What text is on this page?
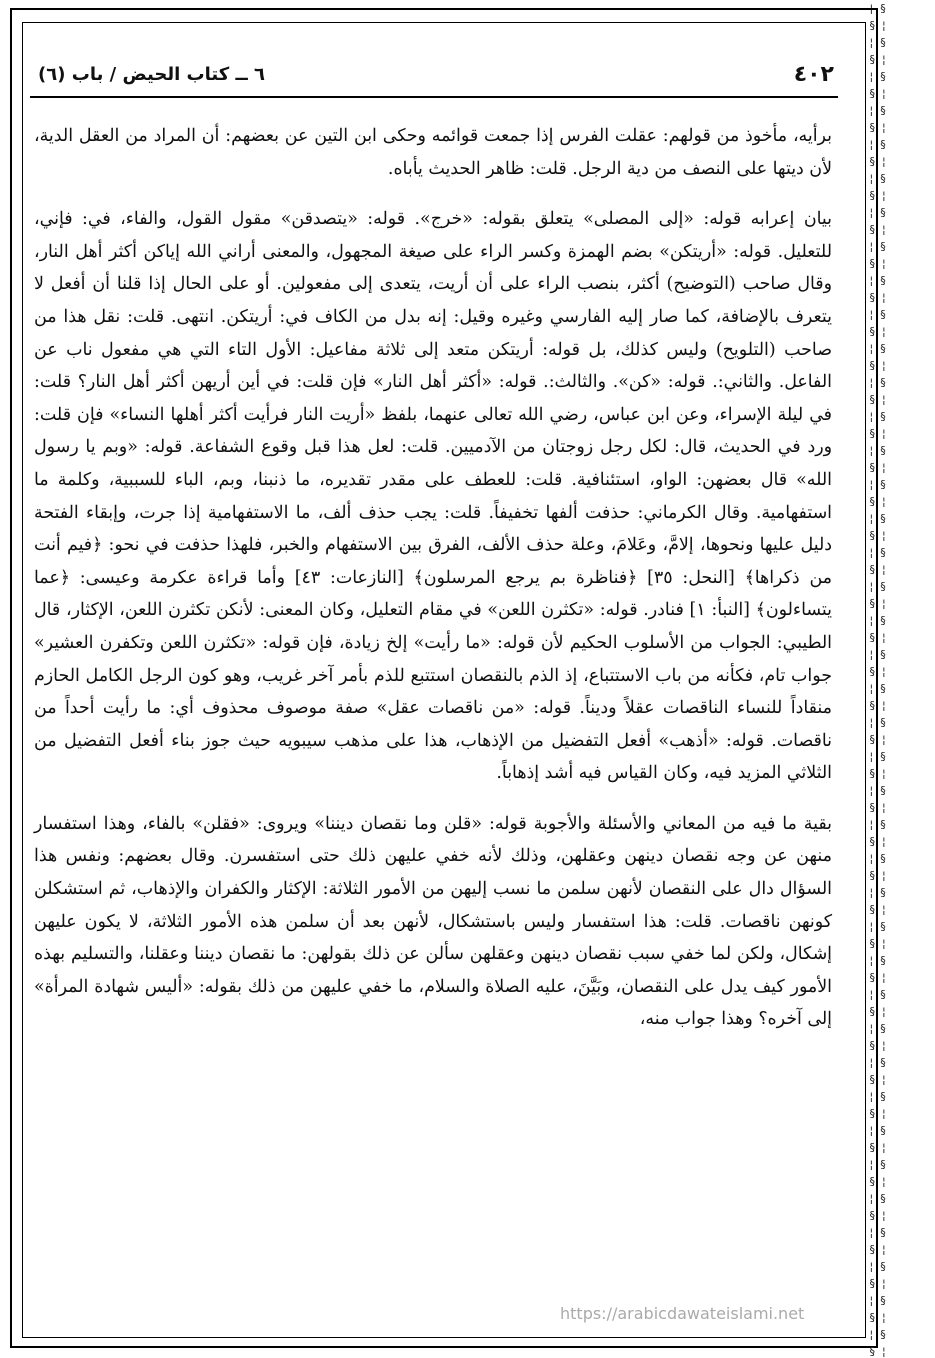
¦  §
§  ¦
¦  §
§  ¦
¦  §
§  ¦
¦  §
§  ¦
¦  §
§  ¦
¦  §
§  ¦
¦  §
§  ¦
¦  §
§  ¦
¦  §
§  ¦
¦  §
§  ¦
¦  §
§  ¦
¦  §
§  ¦
¦  §
§  ¦
¦  §
§  ¦
¦  §
§  ¦
¦  §
§  ¦
¦  §
§  ¦
¦  §
§  ¦
¦  §
§  ¦
¦  §
§  ¦
¦  §
§  ¦
¦  §
§  ¦
¦  §
§  ¦
¦  §
§  ¦
¦  §
§  ¦
¦  §
§  ¦
¦  §
§  ¦
¦  §
§  ¦
¦  §
§  ¦
¦  §
§  ¦
¦  §
§  ¦
¦  §
§  ¦
¦  §
§  ¦
¦  §
§  ¦
¦  §
§  ¦
¦  §
§  ¦
¦  §
§  ¦
¦  §
§  ¦
¦  §
§  ¦
¦  §
§  ¦

٤٠٢
٦ ــ كتاب الحيض / باب (٦)

برأيه، مأخوذ من قولهم: عقلت الفرس إذا جمعت قوائمه وحكى ابن التين عن بعضهم: أن المراد من العقل الدية، لأن ديتها على النصف من دية الرجل. قلت: ظاهر الحديث يأباه.

بيان إعرابه قوله: «إلى المصلى» يتعلق بقوله: «خرج». قوله: «يتصدقن» مقول القول، والفاء، في: فإني، للتعليل. قوله: «أريتكن» بضم الهمزة وكسر الراء على صيغة المجهول، والمعنى أراني الله إياكن أكثر أهل النار، وقال صاحب (التوضيح) أكثر، بنصب الراء على أن أريت، يتعدى إلى مفعولين. أو على الحال إذا قلنا أن أفعل لا يتعرف بالإضافة، كما صار إليه الفارسي وغيره وقيل: إنه بدل من الكاف في: أريتكن. انتهى. قلت: نقل هذا من صاحب (التلويح) وليس كذلك، بل قوله: أريتكن متعد إلى ثلاثة مفاعيل: الأول التاء التي هي مفعول ناب عن الفاعل. والثاني:. قوله: «كن». والثالث:. قوله: «أكثر أهل النار» فإن قلت: في أين أريهن أكثر أهل النار؟ قلت: في ليلة الإسراء، وعن ابن عباس، رضي الله تعالى عنهما، بلفظ «أريت النار فرأيت أكثر أهلها النساء» فإن قلت: ورد في الحديث، قال: لكل رجل زوجتان من الآدميين. قلت: لعل هذا قبل وقوع الشفاعة. قوله: «وبم يا رسول الله» قال بعضهن: الواو، استئنافية. قلت: للعطف على مقدر تقديره، ما ذنبنا، وبم، الباء للسببية، وكلمة ما استفهامية. وقال الكرماني: حذفت ألفها تخفيفاً. قلت: يجب حذف ألف، ما الاستفهامية إذا جرت، وإبقاء الفتحة دليل عليها ونحوها، إلامَّ، وعَلامَ، وعلة حذف الألف، الفرق بين الاستفهام والخبر، فلهذا حذفت في نحو: ﴿فيم أنت من ذكراها﴾ [النحل: ٣٥] ﴿فناظرة بم يرجع المرسلون﴾ [النازعات: ٤٣] وأما قراءة عكرمة وعيسى: ﴿عما يتساءلون﴾ [النبأ: ١] فنادر. قوله: «تكثرن اللعن» في مقام التعليل، وكان المعنى: لأنكن تكثرن اللعن، الإكثار، قال الطيبي: الجواب من الأسلوب الحكيم لأن قوله: «ما رأيت» إلخ زيادة، فإن قوله: «تكثرن اللعن وتكفرن العشير» جواب تام، فكأنه من باب الاستتباع، إذ الذم بالنقصان استتبع للذم بأمر آخر غريب، وهو كون الرجل الكامل الحازم منقاداً للنساء الناقصات عقلاً وديناً. قوله: «من ناقصات عقل» صفة موصوف محذوف أي: ما رأيت أحداً من ناقصات. قوله: «أذهب» أفعل التفضيل من الإذهاب، هذا على مذهب سيبويه حيث جوز بناء أفعل التفضيل من الثلاثي المزيد فيه، وكان القياس فيه أشد إذهاباً.

بقية ما فيه من المعاني والأسئلة والأجوبة قوله: «قلن وما نقصان ديننا» ويروى: «فقلن» بالفاء، وهذا استفسار منهن عن وجه نقصان دينهن وعقلهن، وذلك لأنه خفي عليهن ذلك حتى استفسرن. وقال بعضهم: ونفس هذا السؤال دال على النقصان لأنهن سلمن ما نسب إليهن من الأمور الثلاثة: الإكثار والكفران والإذهاب، ثم استشكلن كونهن ناقصات. قلت: هذا استفسار وليس باستشكال، لأنهن بعد أن سلمن هذه الأمور الثلاثة، لا يكون عليهن إشكال، ولكن لما خفي سبب نقصان دينهن وعقلهن سألن عن ذلك بقولهن: ما نقصان ديننا وعقلنا، والتسليم بهذه الأمور كيف يدل على النقصان، وبَيَّنَ، عليه الصلاة والسلام، ما خفي عليهن من ذلك بقوله: «أليس شهادة المرأة» إلى آخره؟ وهذا جواب منه،

https://arabicdawateislami.net
